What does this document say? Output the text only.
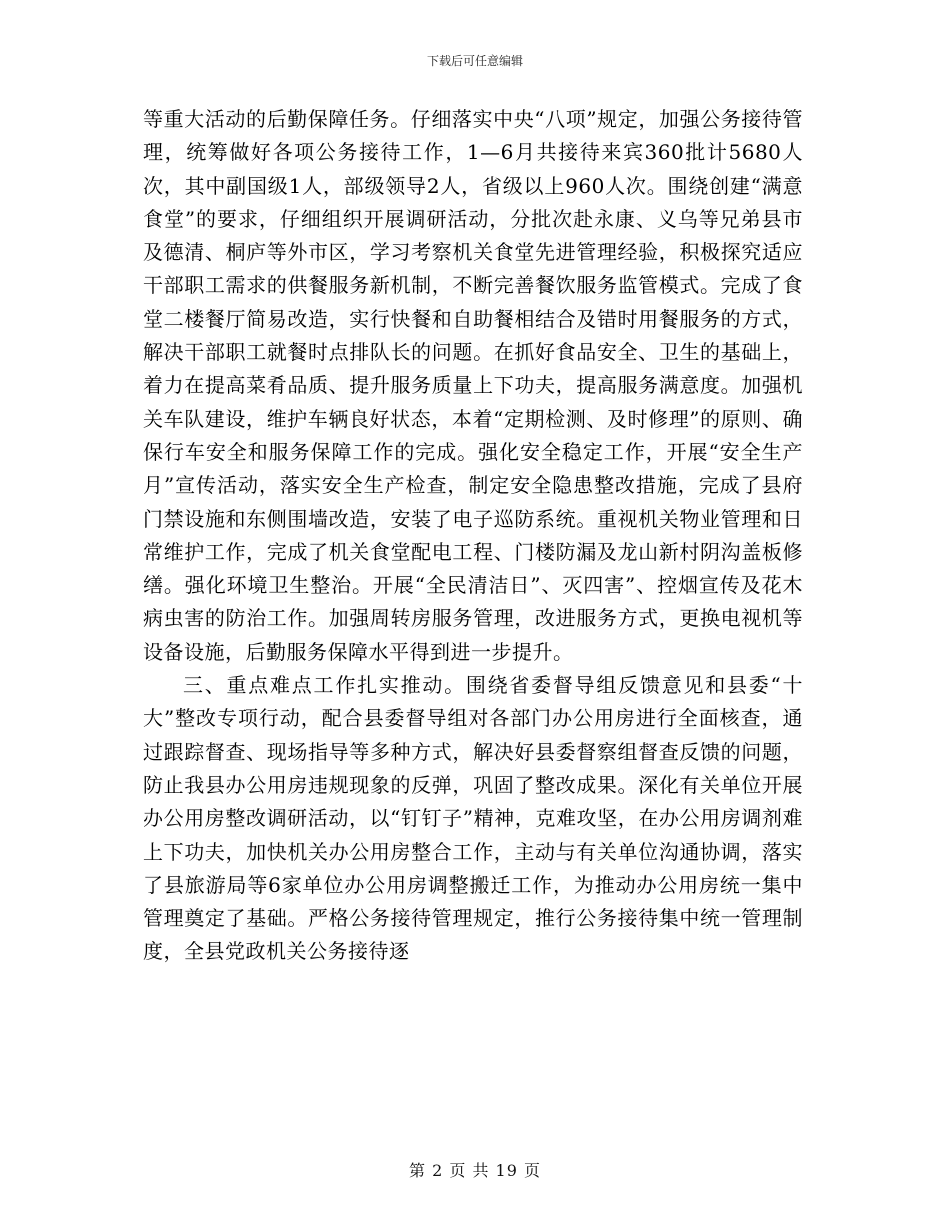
下载后可任意编辑

等重大活动的后勤保障任务。仔细落实中央“八项”规定，加强公务接待管理，统筹做好各项公务接待工作，1—6月共接待来宾360批计5680人次，其中副国级1人，部级领导2人，省级以上960人次。围绕创建“满意食堂”的要求，仔细组织开展调研活动，分批次赴永康、义乌等兄弟县市及德清、桐庐等外市区，学习考察机关食堂先进管理经验，积极探究适应干部职工需求的供餐服务新机制，不断完善餐饮服务监管模式。完成了食堂二楼餐厅简易改造，实行快餐和自助餐相结合及错时用餐服务的方式，解决干部职工就餐时点排队长的问题。在抓好食品安全、卫生的基础上，着力在提高菜肴品质、提升服务质量上下功夫，提高服务满意度。加强机关车队建设，维护车辆良好状态，本着“定期检测、及时修理”的原则、确保行车安全和服务保障工作的完成。强化安全稳定工作，开展“安全生产月”宣传活动，落实安全生产检查，制定安全隐患整改措施，完成了县府门禁设施和东侧围墙改造，安装了电子巡防系统。重视机关物业管理和日常维护工作，完成了机关食堂配电工程、门楼防漏及龙山新村阴沟盖板修缮。强化环境卫生整治。开展“全民清洁日”、灭四害”、控烟宣传及花木病虫害的防治工作。加强周转房服务管理，改进服务方式，更换电视机等设备设施，后勤服务保障水平得到进一步提升。

三、重点难点工作扎实推动。围绕省委督导组反馈意见和县委“十大”整改专项行动，配合县委督导组对各部门办公用房进行全面核查，通过跟踪督查、现场指导等多种方式，解决好县委督察组督查反馈的问题，防止我县办公用房违规现象的反弹，巩固了整改成果。深化有关单位开展办公用房整改调研活动，以“钉钉子”精神，克难攻坚，在办公用房调剂难上下功夫，加快机关办公用房整合工作，主动与有关单位沟通协调，落实了县旅游局等6家单位办公用房调整搬迁工作，为推动办公用房统一集中管理奠定了基础。严格公务接待管理规定，推行公务接待集中统一管理制度，全县党政机关公务接待逐

第 2 页 共 19 页
